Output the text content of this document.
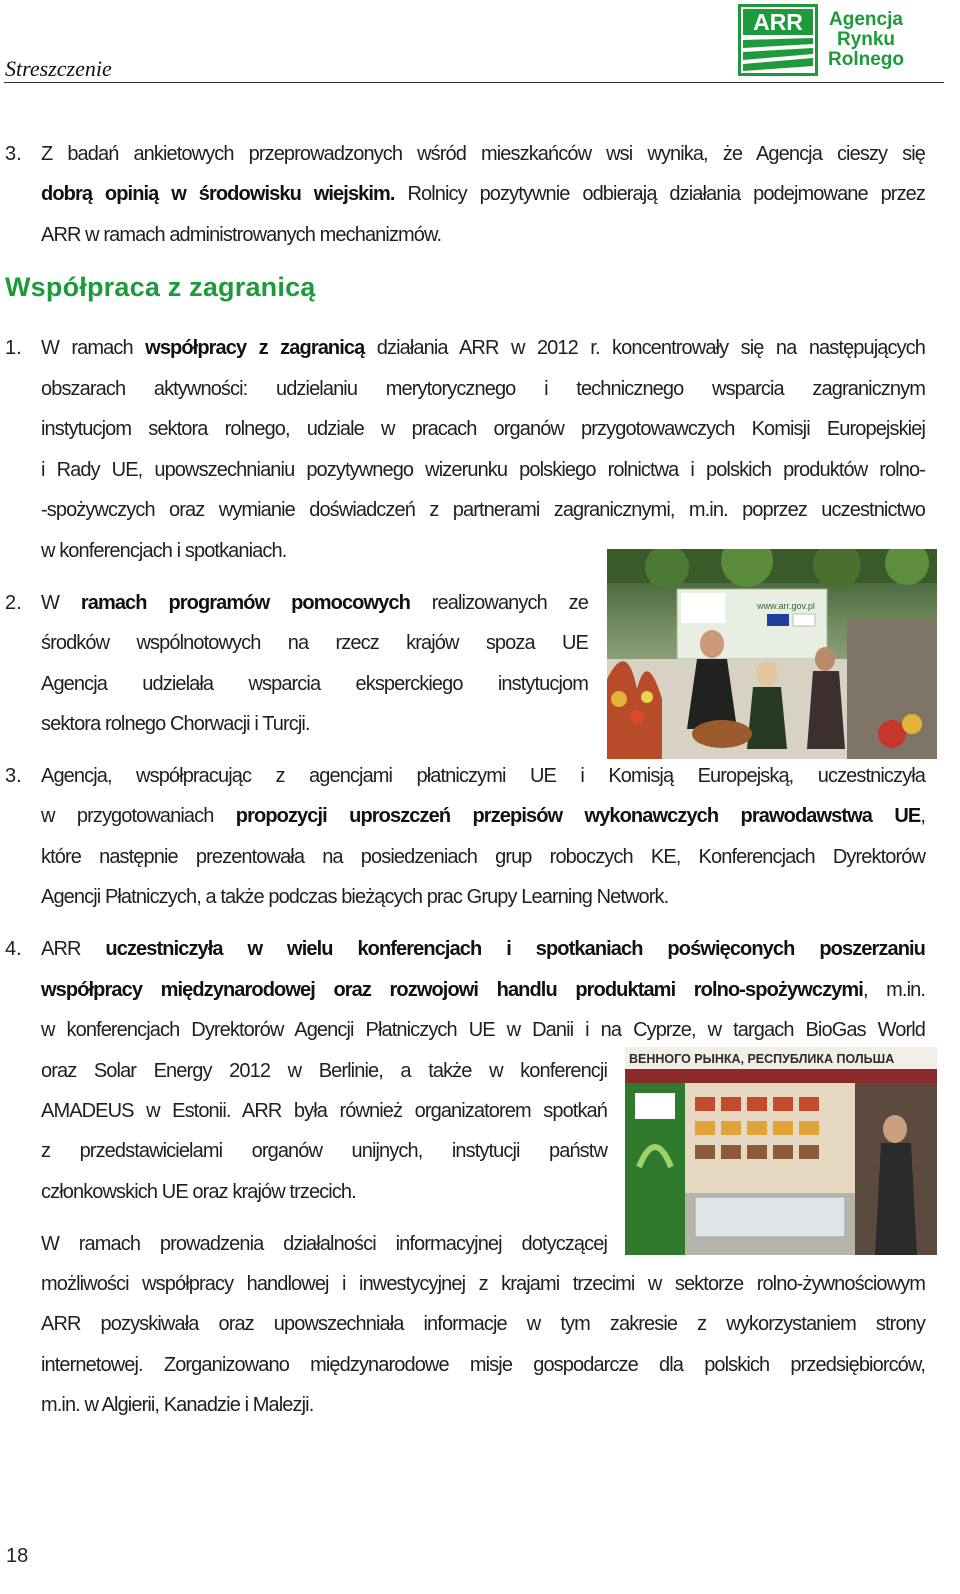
Streszczenie
ARR Agencja
Rynku
Rolnego
3. Z badań ankietowych przeprowadzonych wśród mieszkańców wsi wynika, że Agencja cieszy się
dobrą opinią w środowisku wiejskim. Rolnicy pozytywnie odbierają działania podejmowane przez
ARR w ramach administrowanych mechanizmów.
Współpraca z zagranicą
1. W ramach współpracy z zagranicą działania ARR w 2012 r. koncentrowały się na następujących
obszarach aktywności: udzielaniu merytorycznego i technicznego wsparcia zagranicznym
instytucjom sektora rolnego, udziale w pracach organów przygotowawczych Komisji Europejskiej
i Rady UE, upowszechnianiu pozytywnego wizerunku polskiego rolnictwa i polskich produktów rolno-
-spożywczych oraz wymianie doświadczeń z partnerami zagranicznymi, m.in. poprzez uczestnictwo
w konferencjach i spotkaniach.
2. W ramach programów pomocowych realizowanych ze
środków wspólnotowych na rzecz krajów spoza UE
Agencja udzielała wsparcia eksperckiego instytucjom
sektora rolnego Chorwacji i Turcji.
www.arr.gov.pl
3. Agencja, współpracując z agencjami płatniczymi UE i Komisją Europejską, uczestniczyła
w przygotowaniach propozycji uproszczeń przepisów wykonawczych prawodawstwa UE,
które następnie prezentowała na posiedzeniach grup roboczych KE, Konferencjach Dyrektorów
Agencji Płatniczych, a także podczas bieżących prac Grupy Learning Network.
4. ARR uczestniczyła w wielu konferencjach i spotkaniach poświęconych poszerzaniu
współpracy międzynarodowej oraz rozwojowi handlu produktami rolno-spożywczymi, m.in.
w konferencjach Dyrektorów Agencji Płatniczych UE w Danii i na Cyprze, w targach BioGas World
oraz Solar Energy 2012 w Berlinie, a także w konferencji
AMADEUS w Estonii. ARR była również organizatorem spotkań
z przedstawicielami organów unijnych, instytucji państw
członkowskich UE oraz krajów trzecich.
ВЕННОГО РЫНКА, РЕСПУБЛИКА ПОЛЬША
W ramach prowadzenia działalności informacyjnej dotyczącej
możliwości współpracy handlowej i inwestycyjnej z krajami trzecimi w sektorze rolno-żywnościowym
ARR pozyskiwała oraz upowszechniała informacje w tym zakresie z wykorzystaniem strony
internetowej. Zorganizowano międzynarodowe misje gospodarcze dla polskich przedsiębiorców,
m.in. w Algierii, Kanadzie i Malezji.
18
